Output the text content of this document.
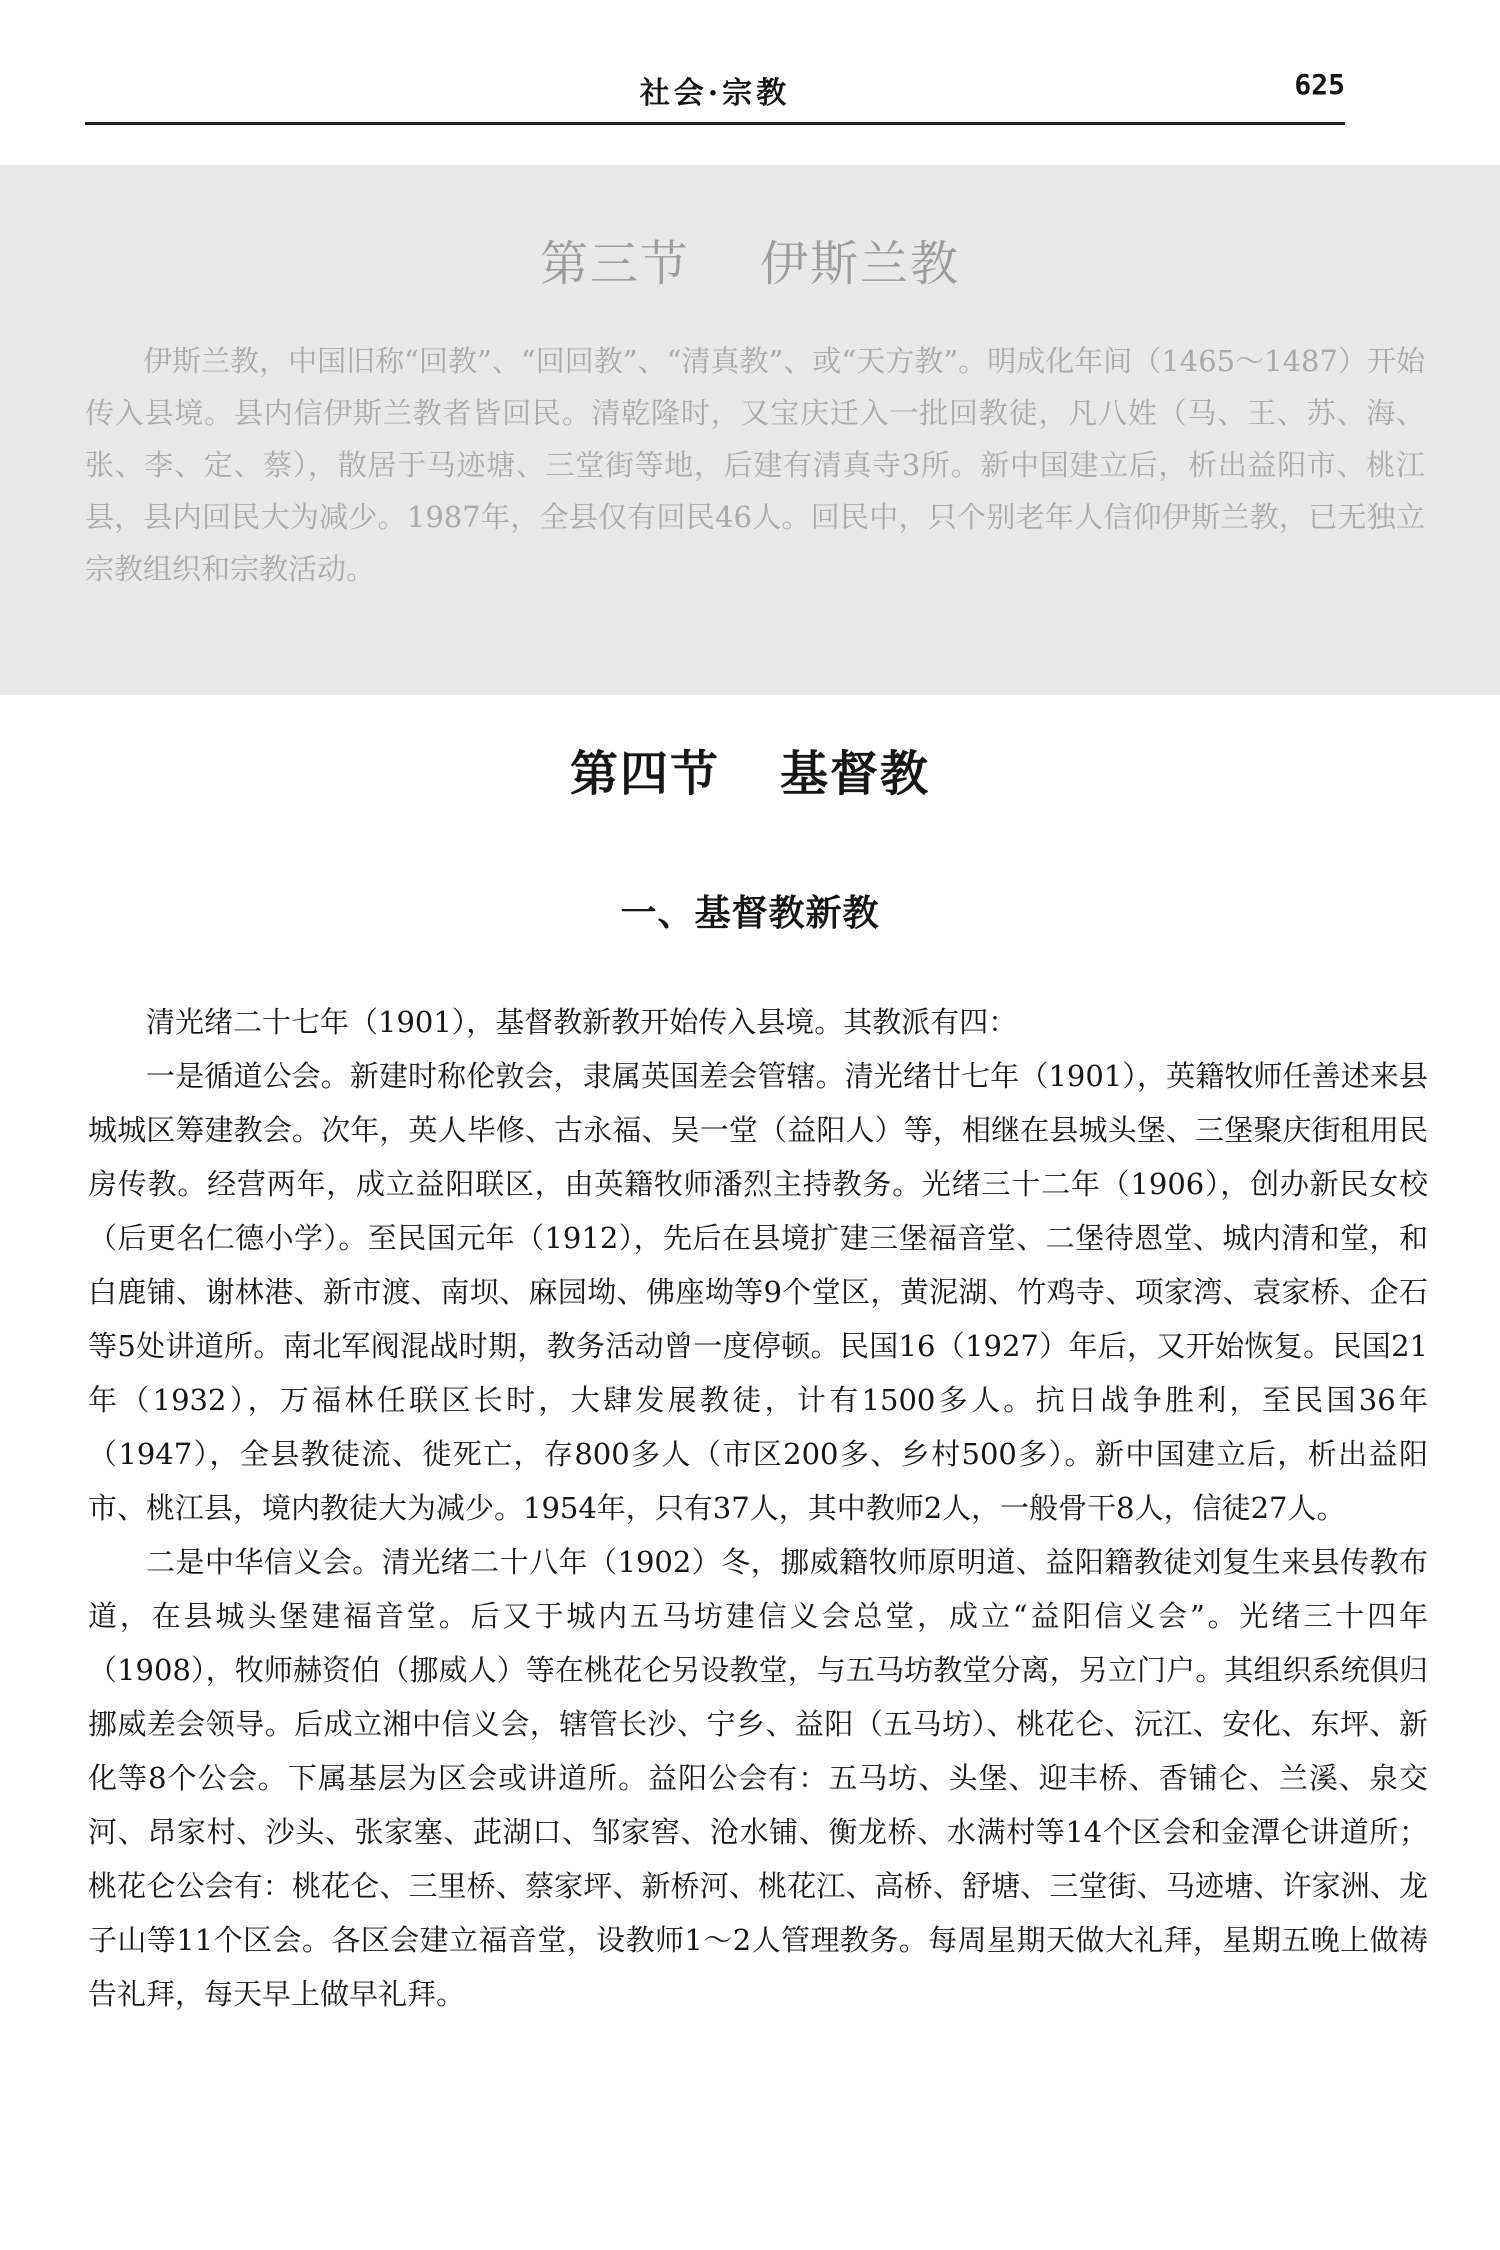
社会·宗教	625
第三节 伊斯兰教
伊斯兰教，中国旧称“回教”、“回回教”、“清真教”、或“天方教”。明成化年间（1465～1487）开始传入县境。县内信伊斯兰教者皆回民。清乾隆时，又宝庆迁入一批回教徒，凡八姓（马、王、苏、海、张、李、定、蔡），散居于马迹塘、三堂街等地，后建有清真寺3所。新中国建立后，析出益阳市、桃江县，县内回民大为减少。1987年，全县仅有回民46人。回民中，只个别老年人信仰伊斯兰教，已无独立宗教组织和宗教活动。
第四节 基督教
一、基督教新教

清光绪二十七年（1901），基督教新教开始传入县境。其教派有四：

一是循道公会。新建时称伦敦会，隶属英国差会管辖。清光绪廿七年（1901），英籍牧师任善述来县城城区筹建教会。次年，英人毕修、古永福、吴一堂（益阳人）等，相继在县城头堡、三堡聚庆街租用民房传教。经营两年，成立益阳联区，由英籍牧师潘烈主持教务。光绪三十二年（1906），创办新民女校（后更名仁德小学）。至民国元年（1912），先后在县境扩建三堡福音堂、二堡待恩堂、城内清和堂，和白鹿铺、谢林港、新市渡、南坝、麻园坳、佛座坳等9个堂区，黄泥湖、竹鸡寺、项家湾、袁家桥、企石等5处讲道所。南北军阀混战时期，教务活动曾一度停顿。民国16（1927）年后，又开始恢复。民国21年（1932），万福林任联区长时，大肆发展教徒，计有1500多人。抗日战争胜利，至民国36年（1947），全县教徒流、徙死亡，存800多人（市区200多、乡村500多）。新中国建立后，析出益阳市、桃江县，境内教徒大为减少。1954年，只有37人，其中教师2人，一般骨干8人，信徒27人。

二是中华信义会。清光绪二十八年（1902）冬，挪威籍牧师原明道、益阳籍教徒刘复生来县传教布道，在县城头堡建福音堂。后又于城内五马坊建信义会总堂，成立“益阳信义会”。光绪三十四年（1908），牧师赫资伯（挪威人）等在桃花仑另设教堂，与五马坊教堂分离，另立门户。其组织系统俱归挪威差会领导。后成立湘中信义会，辖管长沙、宁乡、益阳（五马坊）、桃花仑、沅江、安化、东坪、新化等8个公会。下属基层为区会或讲道所。益阳公会有：五马坊、头堡、迎丰桥、香铺仑、兰溪、泉交河、昂家村、沙头、张家塞、茈湖口、邹家窖、沧水铺、衡龙桥、水满村等14个区会和金潭仑讲道所；桃花仑公会有：桃花仑、三里桥、蔡家坪、新桥河、桃花江、高桥、舒塘、三堂街、马迹塘、许家洲、龙子山等11个区会。各区会建立福音堂，设教师1～2人管理教务。每周星期天做大礼拜，星期五晚上做祷告礼拜，每天早上做早礼拜。
